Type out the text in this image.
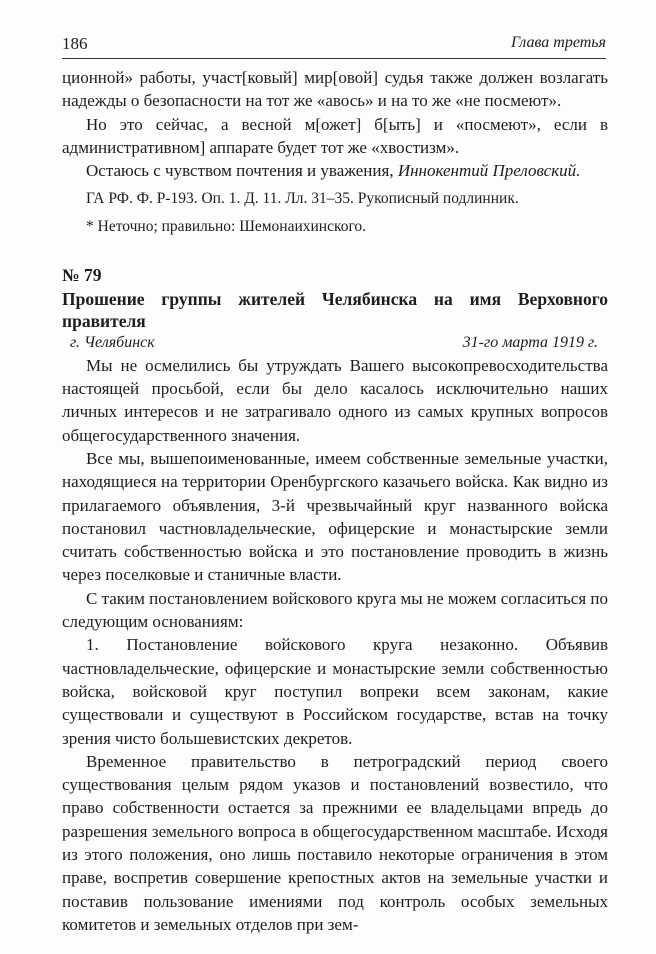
186	Глава третья

ционной» работы, участ[ковый] мир[овой] судья также должен возлагать надежды о безопасности на тот же «авось» и на то же «не посмеют».

Но это сейчас, а весной м[ожет] б[ыть] и «посмеют», если в административном] аппарате будет тот же «хвостизм».

Остаюсь с чувством почтения и уважения, Иннокентий Преловский.

ГА РФ. Ф. Р-193. Оп. 1. Д. 11. Лл. 31–35. Рукописный подлинник.

* Неточно; правильно: Шемонаихинского.

№ 79

Прошение группы жителей Челябинска на имя Верховного правителя

г. Челябинск	31-го марта 1919 г.

Мы не осмелились бы утруждать Вашего высокопревосходительства настоящей просьбой, если бы дело касалось исключительно наших личных интересов и не затрагивало одного из самых крупных вопросов общегосударственного значения.

Все мы, вышепоименованные, имеем собственные земельные участки, находящиеся на территории Оренбургского казачьего войска. Как видно из прилагаемого объявления, 3-й чрезвычайный круг названного войска постановил частновладельческие, офицерские и монастырские земли считать собственностью войска и это постановление проводить в жизнь через поселковые и станичные власти.

С таким постановлением войскового круга мы не можем согласиться по следующим основаниям:

1. Постановление войскового круга незаконно. Объявив частновладельческие, офицерские и монастырские земли собственностью войска, войсковой круг поступил вопреки всем законам, какие существовали и существуют в Российском государстве, встав на точку зрения чисто большевистских декретов.

Временное правительство в петроградский период своего существования целым рядом указов и постановлений возвестило, что право собственности остается за прежними ее владельцами впредь до разрешения земельного вопроса в общегосударственном масштабе. Исходя из этого положения, оно лишь поставило некоторые ограничения в этом праве, воспретив совершение крепостных актов на земельные участки и поставив пользование имениями под контроль особых земельных комитетов и земельных отделов при зем-
